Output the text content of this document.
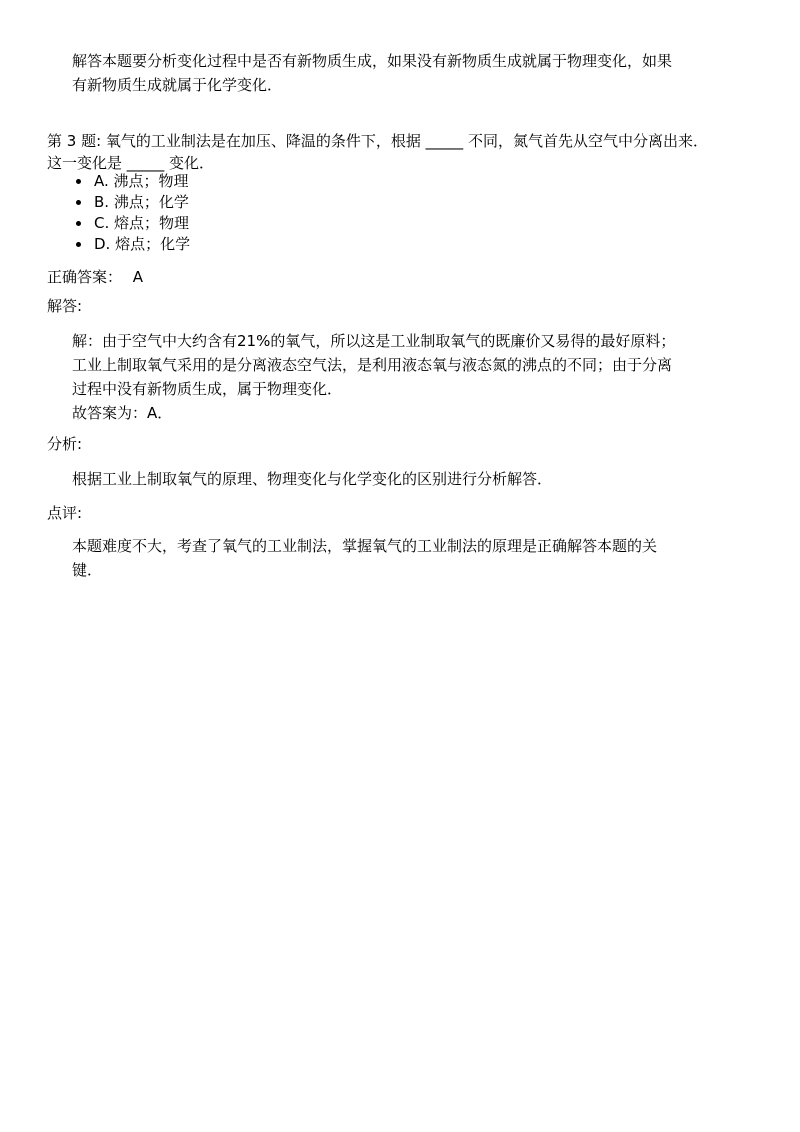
解答本题要分析变化过程中是否有新物质生成，如果没有新物质生成就属于物理变化，如果
有新物质生成就属于化学变化．
第 3 题: 氧气的工业制法是在加压、降温的条件下，根据 _____ 不同，氮气首先从空气中分离出来．
这一变化是 _____ 变化．
• A. 沸点；物理
• B. 沸点；化学
• C. 熔点；物理
• D. 熔点；化学
正确答案： A
解答:
解：由于空气中大约含有21%的氧气，所以这是工业制取氧气的既廉价又易得的最好原料；
工业上制取氧气采用的是分离液态空气法，是利用液态氧与液态氮的沸点的不同；由于分离
过程中没有新物质生成，属于物理变化．
故答案为：A．
分析:
根据工业上制取氧气的原理、物理变化与化学变化的区别进行分析解答．
点评:
本题难度不大，考查了氧气的工业制法，掌握氧气的工业制法的原理是正确解答本题的关
键．
